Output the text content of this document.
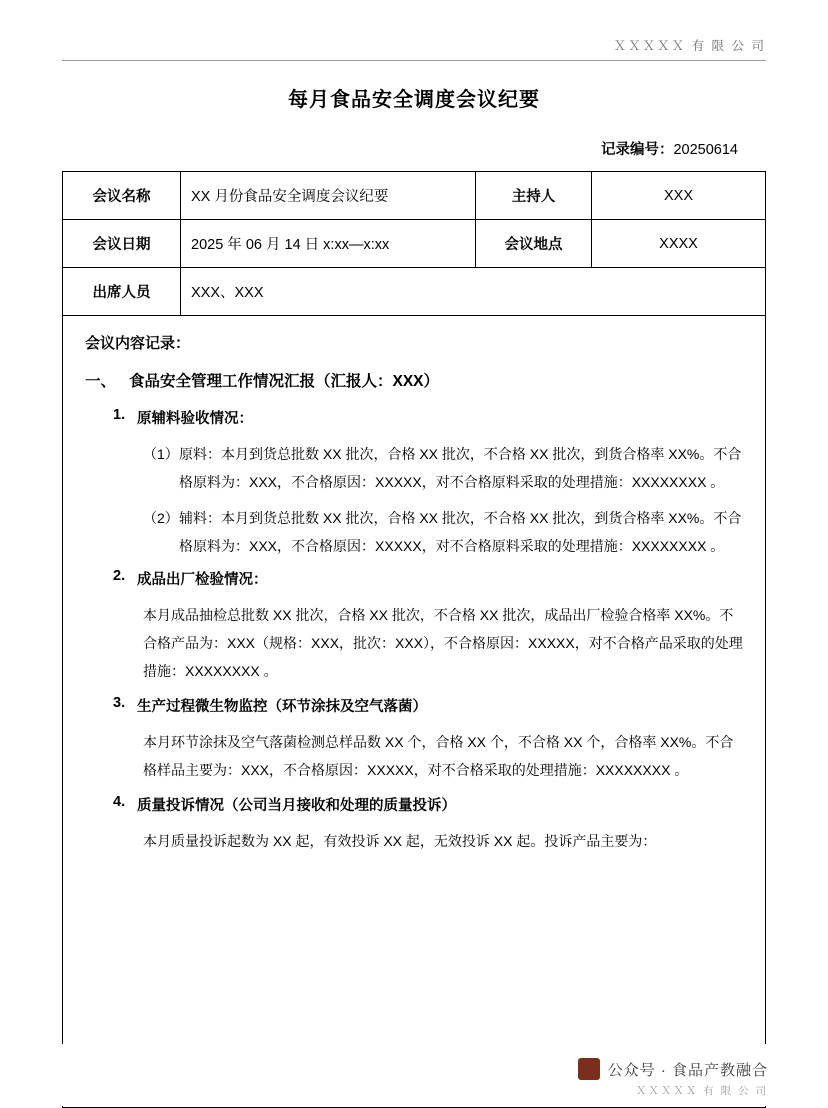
ＸＸＸＸＸ 有 限 公 司
每月食品安全调度会议纪要
记录编号：20250614
会议名称	XX 月份食品安全调度会议纪要	主持人	XXX
会议日期	2025 年 06 月 14 日 x:xx—x:xx	会议地点	XXXX
出席人员	XXX、XXX		
会议内容记录：
一、 食品安全管理工作情况汇报（汇报人：XXX）
1. 原辅料验收情况：
（1） 原料：本月到货总批数 XX 批次，合格 XX 批次，不合格 XX 批次，到货合格率 XX%。不合格原料为：XXX，不合格原因：XXXXX，对不合格原料采取的处理措施：XXXXXXXX 。
（2） 辅料：本月到货总批数 XX 批次，合格 XX 批次，不合格 XX 批次，到货合格率 XX%。不合格原料为：XXX，不合格原因：XXXXX，对不合格原料采取的处理措施：XXXXXXXX 。
2. 成品出厂检验情况：
本月成品抽检总批数 XX 批次，合格 XX 批次，不合格 XX 批次，成品出厂检验合格率 XX%。不合格产品为：XXX（规格：XXX，批次：XXX），不合格原因：XXXXX，对不合格产品采取的处理措施：XXXXXXXX 。
3. 生产过程微生物监控（环节涂抹及空气落菌）
本月环节涂抹及空气落菌检测总样品数 XX 个，合格 XX 个，不合格 XX 个，合格率 XX%。不合格样品主要为：XXX，不合格原因：XXXXX，对不合格采取的处理措施：XXXXXXXX 。
4. 质量投诉情况（公司当月接收和处理的质量投诉）
本月质量投诉起数为 XX 起，有效投诉 XX 起，无效投诉 XX 起。投诉产品主要为：
公众号 · 食品产教融合
ＸＸＸＸＸ 有 限 公 司
